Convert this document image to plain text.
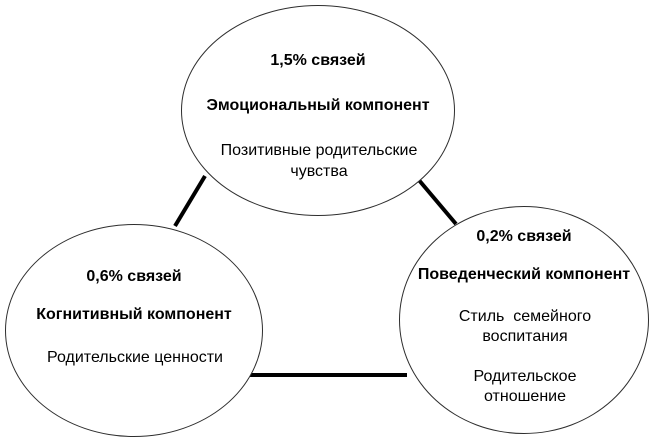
1,5% связей
Эмоциональный компонент
Позитивные родительские чувства
0,6% связей
Когнитивный компонент
Родительские ценности
0,2% связей
Поведенческий компонент
Стиль  семейного воспитания
Родительское отношение
